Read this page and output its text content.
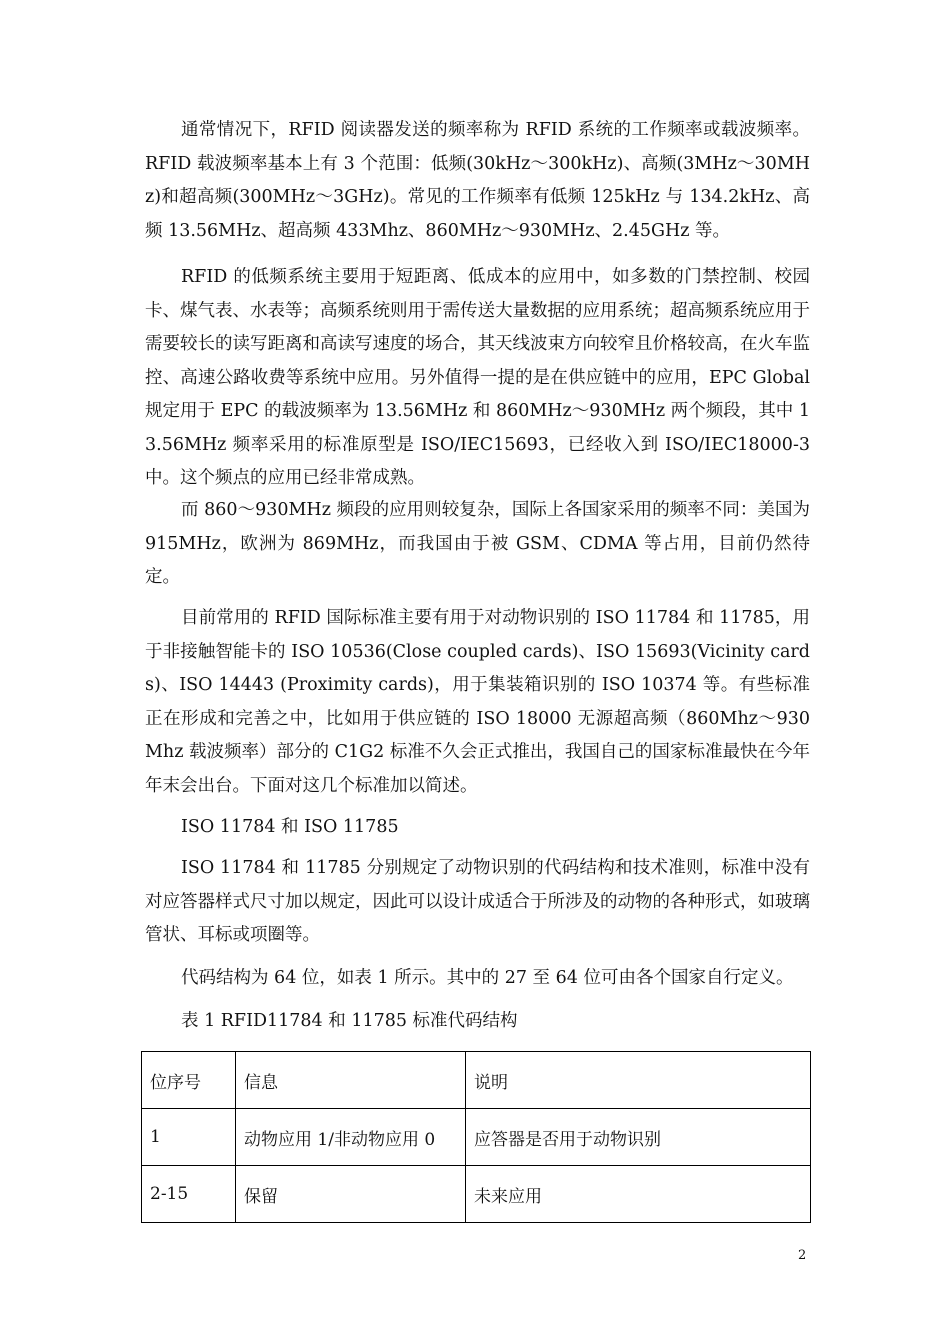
通常情况下，RFID 阅读器发送的频率称为 RFID 系统的工作频率或载波频率。RFID 载波频率基本上有 3 个范围：低频(30kHz～300kHz)、高频(3MHz～30MHz)和超高频(300MHz～3GHz)。常见的工作频率有低频 125kHz 与 134.2kHz、高频 13.56MHz、超高频 433Mhz、860MHz～930MHz、2.45GHz 等。

RFID 的低频系统主要用于短距离、低成本的应用中，如多数的门禁控制、校园卡、煤气表、水表等；高频系统则用于需传送大量数据的应用系统；超高频系统应用于需要较长的读写距离和高读写速度的场合，其天线波束方向较窄且价格较高，在火车监控、高速公路收费等系统中应用。另外值得一提的是在供应链中的应用，EPC Global 规定用于 EPC 的载波频率为 13.56MHz 和 860MHz～930MHz 两个频段，其中 13.56MHz 频率采用的标准原型是 ISO/IEC15693，已经收入到 ISO/IEC18000-3 中。这个频点的应用已经非常成熟。

而 860～930MHz 频段的应用则较复杂，国际上各国家采用的频率不同：美国为 915MHz，欧洲为 869MHz，而我国由于被 GSM、CDMA 等占用，目前仍然待定。

目前常用的 RFID 国际标准主要有用于对动物识别的 ISO 11784 和 11785，用于非接触智能卡的 ISO 10536(Close coupled cards)、ISO 15693(Vicinity cards)、ISO 14443 (Proximity cards)，用于集装箱识别的 ISO 10374 等。有些标准正在形成和完善之中，比如用于供应链的 ISO 18000 无源超高频（860Mhz～930Mhz 载波频率）部分的 C1G2 标准不久会正式推出，我国自己的国家标准最快在今年年末会出台。下面对这几个标准加以简述。

ISO 11784 和 ISO 11785

ISO 11784 和 11785 分别规定了动物识别的代码结构和技术准则，标准中没有对应答器样式尺寸加以规定，因此可以设计成适合于所涉及的动物的各种形式，如玻璃管状、耳标或项圈等。

代码结构为 64 位，如表 1 所示。其中的 27 至 64 位可由各个国家自行定义。

表 1 RFID11784 和 11785 标准代码结构

位序号	信息	说明
1	动物应用 1/非动物应用 0	应答器是否用于动物识别
2-15	保留	未来应用
2
